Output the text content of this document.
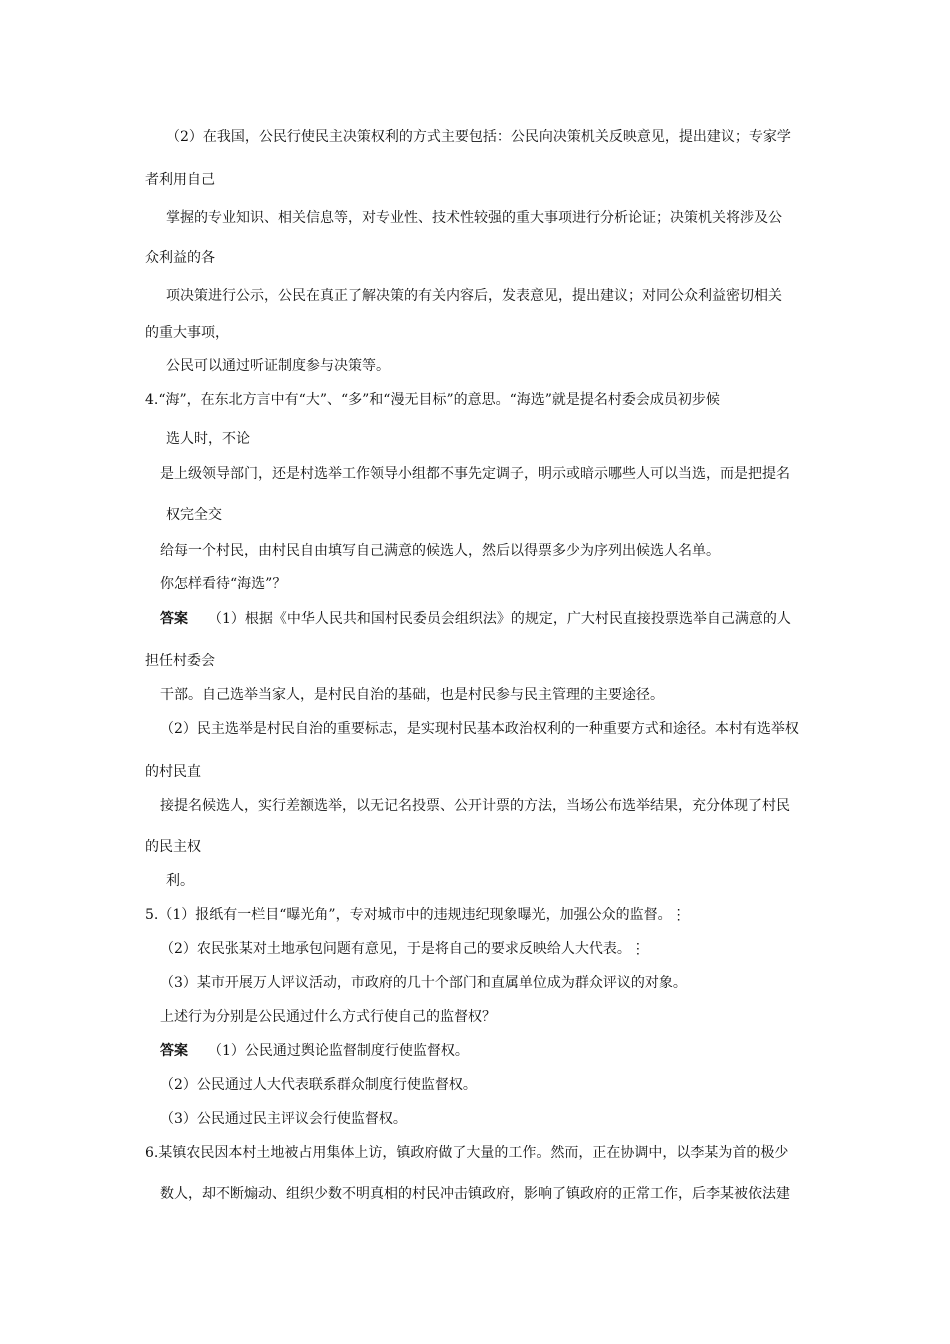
（2）在我国，公民行使民主决策权利的方式主要包括：公民向决策机关反映意见，提出建议；专家学
者利用自己
掌握的专业知识、相关信息等，对专业性、技术性较强的重大事项进行分析论证；决策机关将涉及公
众利益的各
项决策进行公示，公民在真正了解决策的有关内容后，发表意见，提出建议；对同公众利益密切相关
的重大事项，
公民可以通过听证制度参与决策等。
4.“海”，在东北方言中有“大”、“多”和“漫无目标”的意思。“海选”就是提名村委会成员初步候
选人时，不论
是上级领导部门，还是村选举工作领导小组都不事先定调子，明示或暗示哪些人可以当选，而是把提名
权完全交
给每一个村民，由村民自由填写自己满意的候选人，然后以得票多少为序列出候选人名单。
你怎样看待“海选”？
答案 （1）根据《中华人民共和国村民委员会组织法》的规定，广大村民直接投票选举自己满意的人
担任村委会
干部。自己选举当家人，是村民自治的基础，也是村民参与民主管理的主要途径。
（2）民主选举是村民自治的重要标志，是实现村民基本政治权利的一种重要方式和途径。本村有选举权
的村民直
接提名候选人，实行差额选举，以无记名投票、公开计票的方法，当场公布选举结果，充分体现了村民
的民主权
利。
5.（1）报纸有一栏目“曝光角”，专对城市中的违规违纪现象曝光，加强公众的监督。⋮
（2）农民张某对土地承包问题有意见，于是将自己的要求反映给人大代表。⋮
（3）某市开展万人评议活动，市政府的几十个部门和直属单位成为群众评议的对象。
上述行为分别是公民通过什么方式行使自己的监督权？
答案 （1）公民通过舆论监督制度行使监督权。
（2）公民通过人大代表联系群众制度行使监督权。
（3）公民通过民主评议会行使监督权。
6.某镇农民因本村土地被占用集体上访，镇政府做了大量的工作。然而，正在协调中，以李某为首的极少
数人，却不断煽动、组织少数不明真相的村民冲击镇政府，影响了镇政府的正常工作，后李某被依法建
